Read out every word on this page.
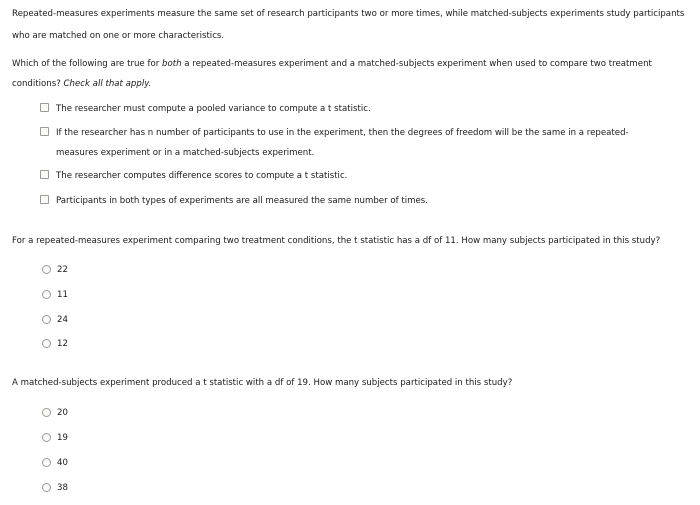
Repeated-measures experiments measure the same set of research participants two or more times, while matched-subjects experiments study participants who are matched on one or more characteristics.

Which of the following are true for both a repeated-measures experiment and a matched-subjects experiment when used to compare two treatment conditions? Check all that apply.

The researcher must compute a pooled variance to compute a t statistic.
If the researcher has n number of participants to use in the experiment, then the degrees of freedom will be the same in a repeated-measures experiment or in a matched-subjects experiment.
The researcher computes difference scores to compute a t statistic.
Participants in both types of experiments are all measured the same number of times.
For a repeated-measures experiment comparing two treatment conditions, the t statistic has a df of 11. How many subjects participated in this study?
22
11
24
12
A matched-subjects experiment produced a t statistic with a df of 19. How many subjects participated in this study?
20
19
40
38
